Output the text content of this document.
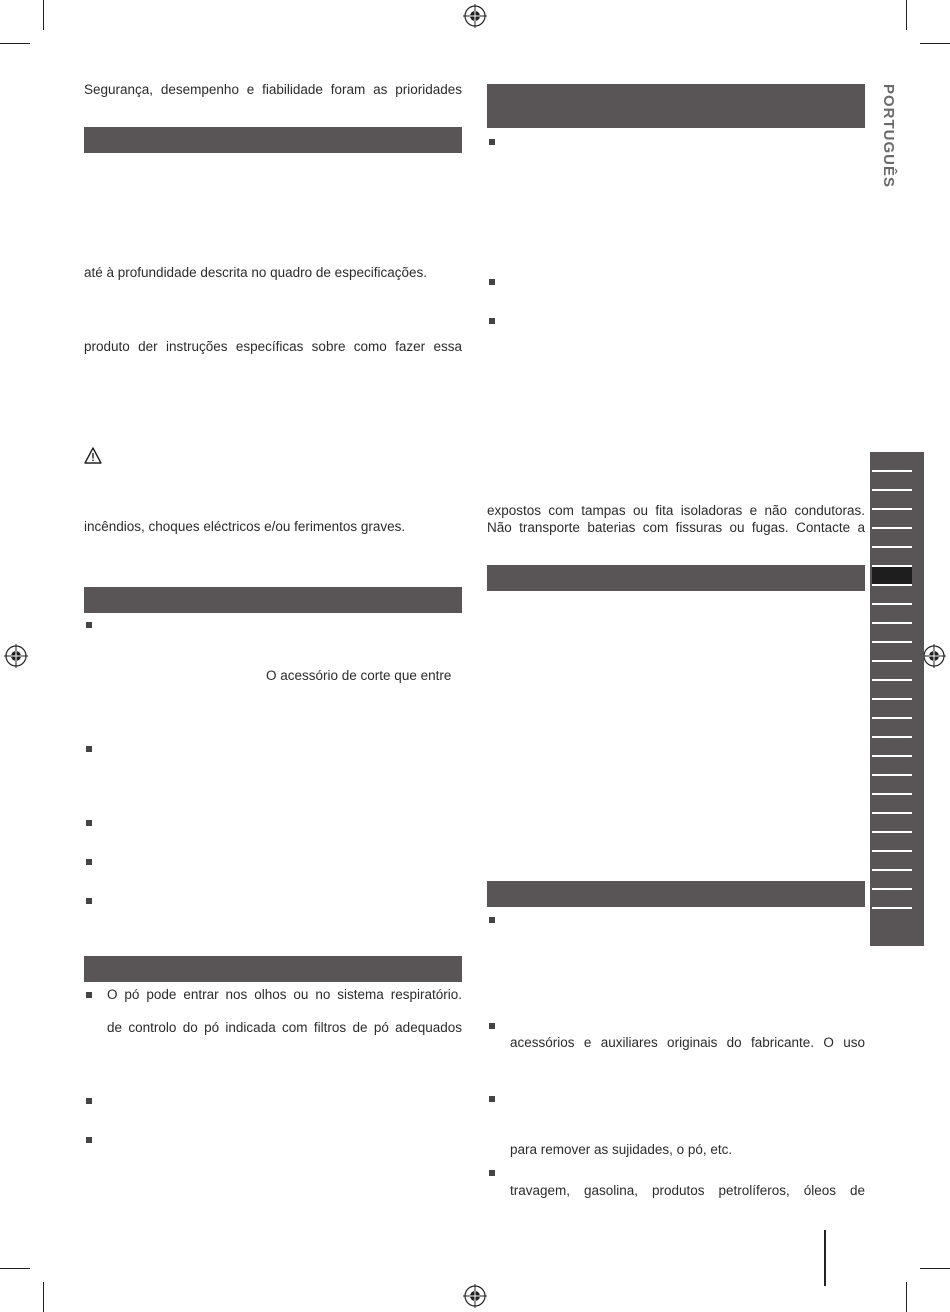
PORTUGUÊS
Segurança, desempenho e fiabilidade foram as prioridades
até à profundidade descrita no quadro de especificações.
produto der instruções específicas sobre como fazer essa
incêndios, choques eléctricos e/ou ferimentos graves.
O acessório de corte que entre
O pó pode entrar nos olhos ou no sistema respiratório.
de controlo do pó indicada com filtros de pó adequados
expostos com tampas ou fita isoladoras e não condutoras.
Não transporte baterias com fissuras ou fugas. Contacte a
acessórios e auxiliares originais do fabricante. O uso
para remover as sujidades, o pó, etc.
travagem, gasolina, produtos petrolíferos, óleos de
